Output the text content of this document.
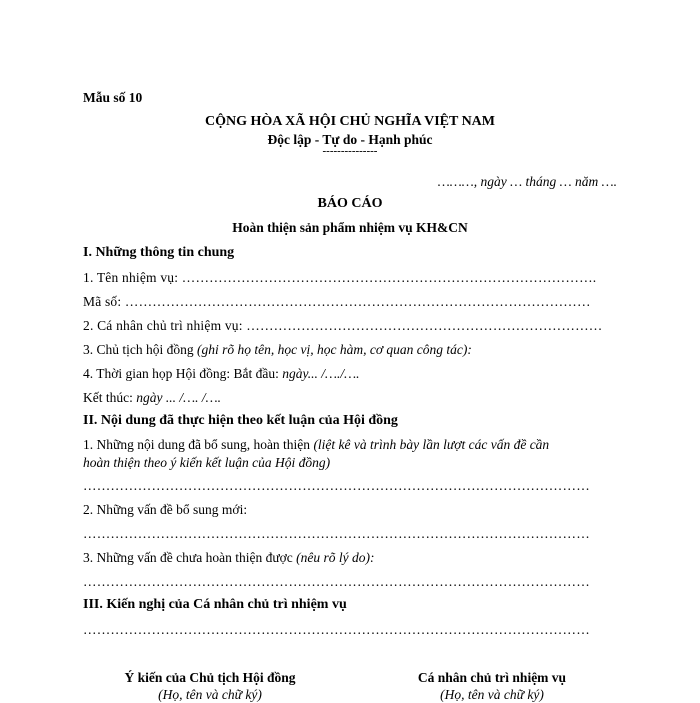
Mẫu số 10
CỘNG HÒA XÃ HỘI CHỦ NGHĨA VIỆT NAM
Độc lập - Tự do - Hạnh phúc
---------------
………, ngày … tháng … năm ….
BÁO CÁO
Hoàn thiện sản phẩm nhiệm vụ KH&CN
I. Những thông tin chung
1. Tên nhiệm vụ: ……………………………………………………………………………….
Mã số: …………………………………………………………………………………………
2. Cá nhân chủ trì nhiệm vụ: ……………………………………………………………………
3. Chủ tịch hội đồng (ghi rõ họ tên, học vị, học hàm, cơ quan công tác):
4. Thời gian họp Hội đồng: Bắt đầu: ngày... /…./….
Kết thúc: ngày ... /…. /….
II. Nội dung đã thực hiện theo kết luận của Hội đồng
1. Những nội dung đã bổ sung, hoàn thiện (liệt kê và trình bày lần lượt các vấn đề cần
hoàn thiện theo ý kiến kết luận của Hội đồng)
…………………………………………………………………………………………………
2. Những vấn đề bổ sung mới:
…………………………………………………………………………………………………
3. Những vấn đề chưa hoàn thiện được (nêu rõ lý do):
…………………………………………………………………………………………………
III. Kiến nghị của Cá nhân chủ trì nhiệm vụ
…………………………………………………………………………………………………
Ý kiến của Chủ tịch Hội đồng
(Họ, tên và chữ ký)
Cá nhân chủ trì nhiệm vụ
(Họ, tên và chữ ký)
